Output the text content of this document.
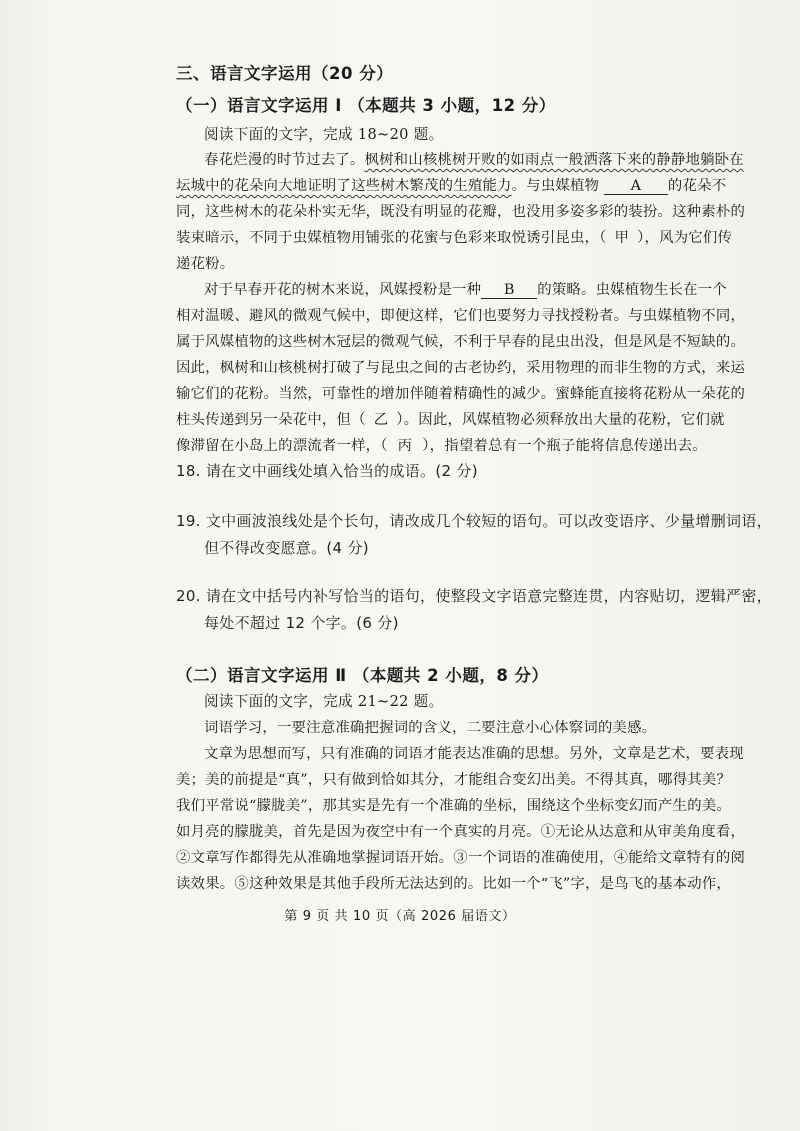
三、语言文字运用（20 分）
（一）语言文字运用 Ⅰ （本题共 3 小题，12 分）
阅读下面的文字，完成 18~20 题。
春花烂漫的时节过去了。枫树和山核桃树开败的如雨点一般洒落下来的静静地躺卧在
坛城中的花朵向大地证明了这些树木繁茂的生殖能力。与虫媒植物 A 的花朵不
同，这些树木的花朵朴实无华，既没有明显的花瓣，也没用多姿多彩的装扮。这种素朴的
装束暗示，不同于虫媒植物用铺张的花蜜与色彩来取悦诱引昆虫，（ 甲 ），风为它们传
递花粉。
对于早春开花的树木来说，风媒授粉是一种 B 的策略。虫媒植物生长在一个
相对温暖、避风的微观气候中，即便这样，它们也要努力寻找授粉者。与虫媒植物不同，
属于风媒植物的这些树木冠层的微观气候，不利于早春的昆虫出没，但是风是不短缺的。
因此，枫树和山核桃树打破了与昆虫之间的古老协约，采用物理的而非生物的方式，来运
输它们的花粉。当然，可靠性的增加伴随着精确性的减少。蜜蜂能直接将花粉从一朵花的
柱头传递到另一朵花中，但（ 乙 ）。因此，风媒植物必须释放出大量的花粉，它们就
像滞留在小岛上的漂流者一样，（ 丙 ），指望着总有一个瓶子能将信息传递出去。
18. 请在文中画线处填入恰当的成语。(2 分)
19. 文中画波浪线处是个长句，请改成几个较短的语句。可以改变语序、少量增删词语，
但不得改变愿意。(4 分)
20. 请在文中括号内补写恰当的语句，使整段文字语意完整连贯，内容贴切，逻辑严密，
每处不超过 12 个字。(6 分)
（二）语言文字运用 Ⅱ （本题共 2 小题，8 分）
阅读下面的文字，完成 21~22 题。
词语学习，一要注意准确把握词的含义，二要注意小心体察词的美感。
文章为思想而写，只有准确的词语才能表达准确的思想。另外，文章是艺术，要表现
美；美的前提是“真”，只有做到恰如其分，才能组合变幻出美。不得其真，哪得其美？
我们平常说“朦胧美”，那其实是先有一个准确的坐标，围绕这个坐标变幻而产生的美。
如月亮的朦胧美，首先是因为夜空中有一个真实的月亮。①无论从达意和从审美角度看，
②文章写作都得先从准确地掌握词语开始。③一个词语的准确使用，④能给文章特有的阅
读效果。⑤这种效果是其他手段所无法达到的。比如一个“飞”字，是鸟飞的基本动作，
第 9 页 共 10 页（高 2026 届语文）
